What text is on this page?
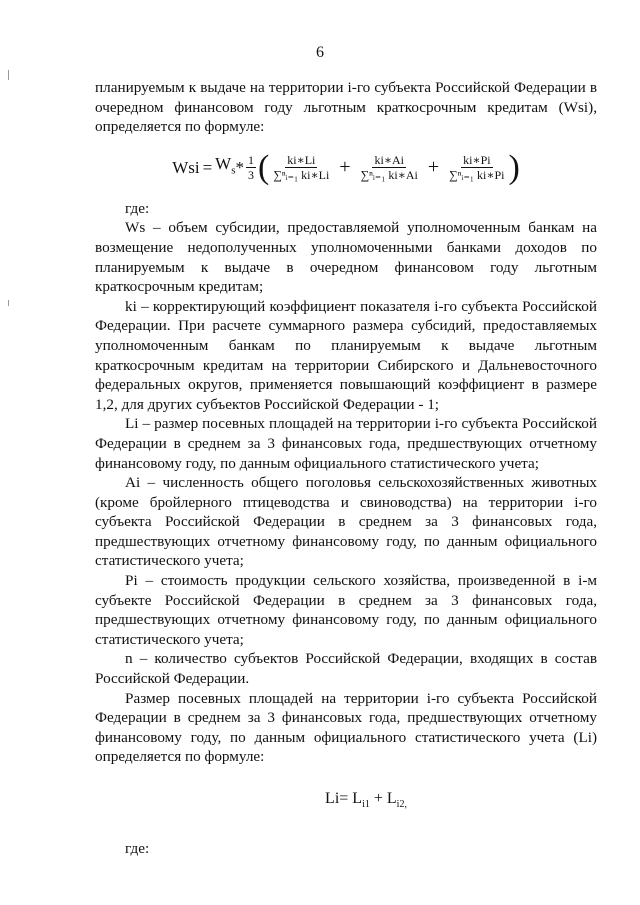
6

планируемым к выдаче на территории i-го субъекта Российской Федерации в очередном финансовом году льготным краткосрочным кредитам (Wsi), определяется по формуле:

Wsi = $W_s * \frac{1}{3}$ ( $\frac{ki∗Li}{\text{∑ⁿᵢ₌₁ ki∗Li}} + \frac{ki∗Ai}{\text{∑ⁿᵢ₌₁ ki∗Ai}} + \frac{ki∗Pi}{\text{∑ⁿᵢ₌₁ ki∗Pi}}$ )

где:

Ws – объем субсидии, предоставляемой уполномоченным банкам на возмещение недополученных уполномоченными банками доходов по планируемым к выдаче в очередном финансовом году льготным краткосрочным кредитам;

ki – корректирующий коэффициент показателя i-го субъекта Российской Федерации. При расчете суммарного размера субсидий, предоставляемых уполномоченным банкам по планируемым к выдаче льготным краткосрочным кредитам на территории Сибирского и Дальневосточного федеральных округов, применяется повышающий коэффициент в размере 1,2, для других субъектов Российской Федерации - 1;

Li – размер посевных площадей на территории i-го субъекта Российской Федерации в среднем за 3 финансовых года, предшествующих отчетному финансовому году, по данным официального статистического учета;

Ai – численность общего поголовья сельскохозяйственных животных (кроме бройлерного птицеводства и свиноводства) на территории i-го субъекта Российской Федерации в среднем за 3 финансовых года, предшествующих отчетному финансовому году, по данным официального статистического учета;

Pi – стоимость продукции сельского хозяйства, произведенной в i-м субъекте Российской Федерации в среднем за 3 финансовых года, предшествующих отчетному финансовому году, по данным официального статистического учета;

n – количество субъектов Российской Федерации, входящих в состав Российской Федерации.

Размер посевных площадей на территории i-го субъекта Российской Федерации в среднем за 3 финансовых года, предшествующих отчетному финансовому году, по данным официального статистического учета (Li) определяется по формуле:

$Li= L_{i1} + L_{i2,}$

где:
